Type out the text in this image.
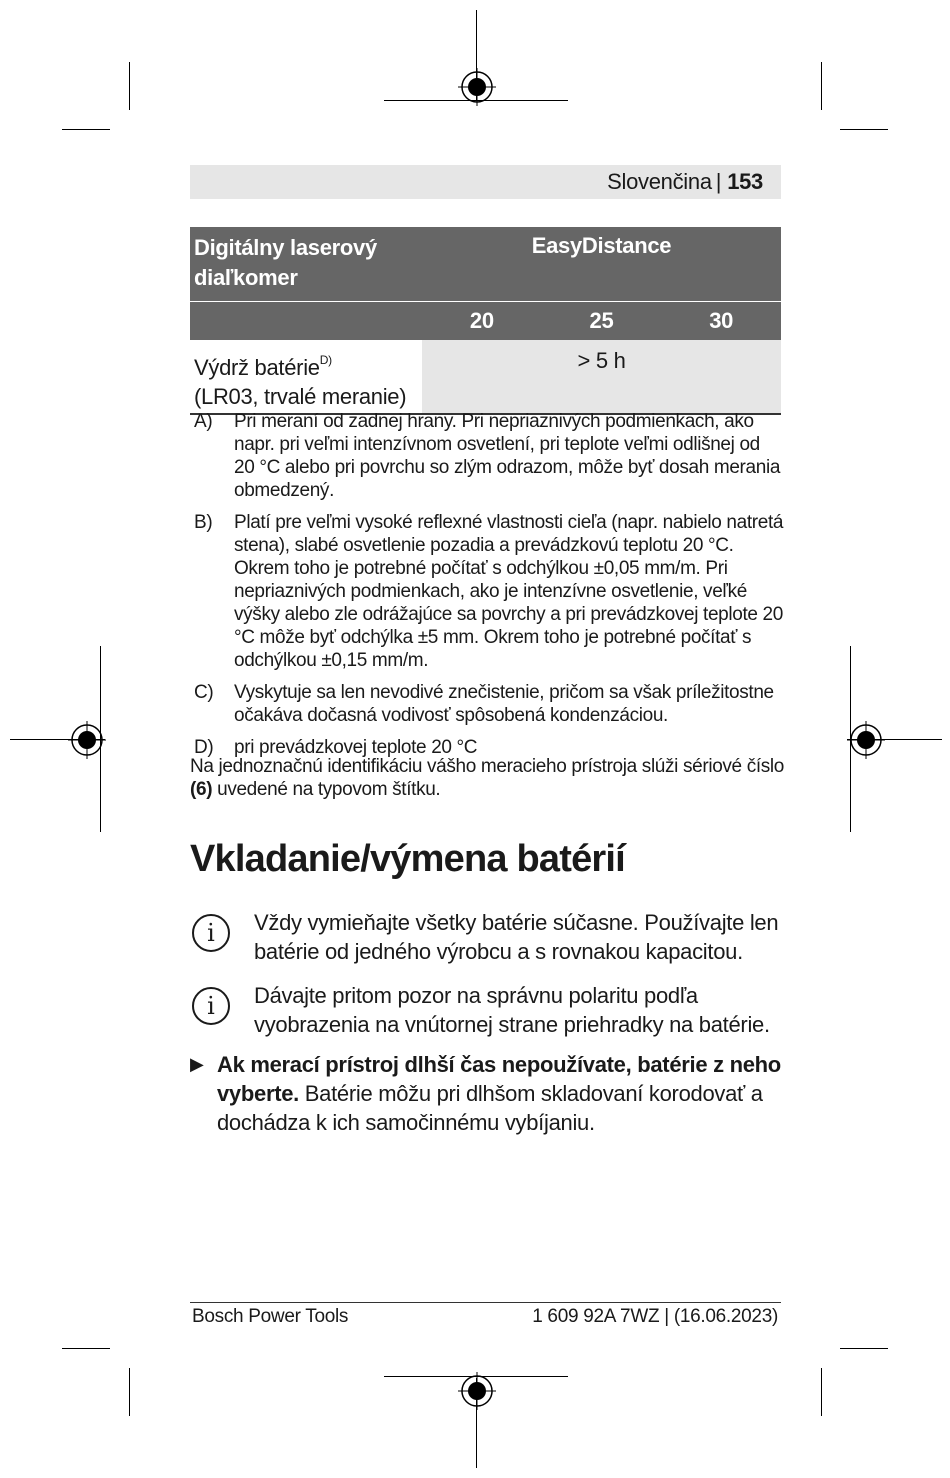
Slovenčina | 153
Digitálny laserový diaľkomer	EasyDistance		
	20	25	30
Výdrž batérie$^{D)}$
(LR03, trvalé meranie)	> 5 h		
A)	Pri meraní od zadnej hrany. Pri nepriaznivých podmienkach, ako napr. pri veľmi intenzívnom osvetlení, pri teplote veľmi odlišnej od 20 °C alebo pri povrchu so zlým odrazom, môže byť dosah merania obmedzený.
B)	Platí pre veľmi vysoké reflexné vlastnosti cieľa (napr. nabielo natretá stena), slabé osvetlenie pozadia a prevádzkovú teplotu 20 °C. Okrem toho je potrebné počítať s odchýlkou ±0,05 mm/m. Pri nepriaznivých podmienkach, ako je intenzívne osvetlenie, veľké výšky alebo zle odrážajúce sa povrchy a pri prevádzkovej teplote 20 °C môže byť odchýlka ±5 mm. Okrem toho je potrebné počítať s odchýlkou ±0,15 mm/m.
C)	Vyskytuje sa len nevodivé znečistenie, pričom sa však príležitostne očakáva dočasná vodivosť spôsobená kondenzáciou.
D)	pri prevádzkovej teplote 20 °C
Na jednoznačnú identifikáciu vášho meracieho prístroja slúži sériové číslo (6) uvedené na typovom štítku.
Vkladanie/výmena batérií
i	Vždy vymieňajte všetky batérie súčasne. Používajte len batérie od jedného výrobcu a s rovnakou kapacitou.
i	Dávajte pritom pozor na správnu polaritu podľa vyobrazenia na vnútornej strane priehradky na batérie.
▶ Ak merací prístroj dlhší čas nepoužívate, batérie z neho vyberte. Batérie môžu pri dlhšom skladovaní korodovať a dochádza k ich samočinnému vybíjaniu.
Bosch Power Tools	1 609 92A 7WZ | (16.06.2023)
